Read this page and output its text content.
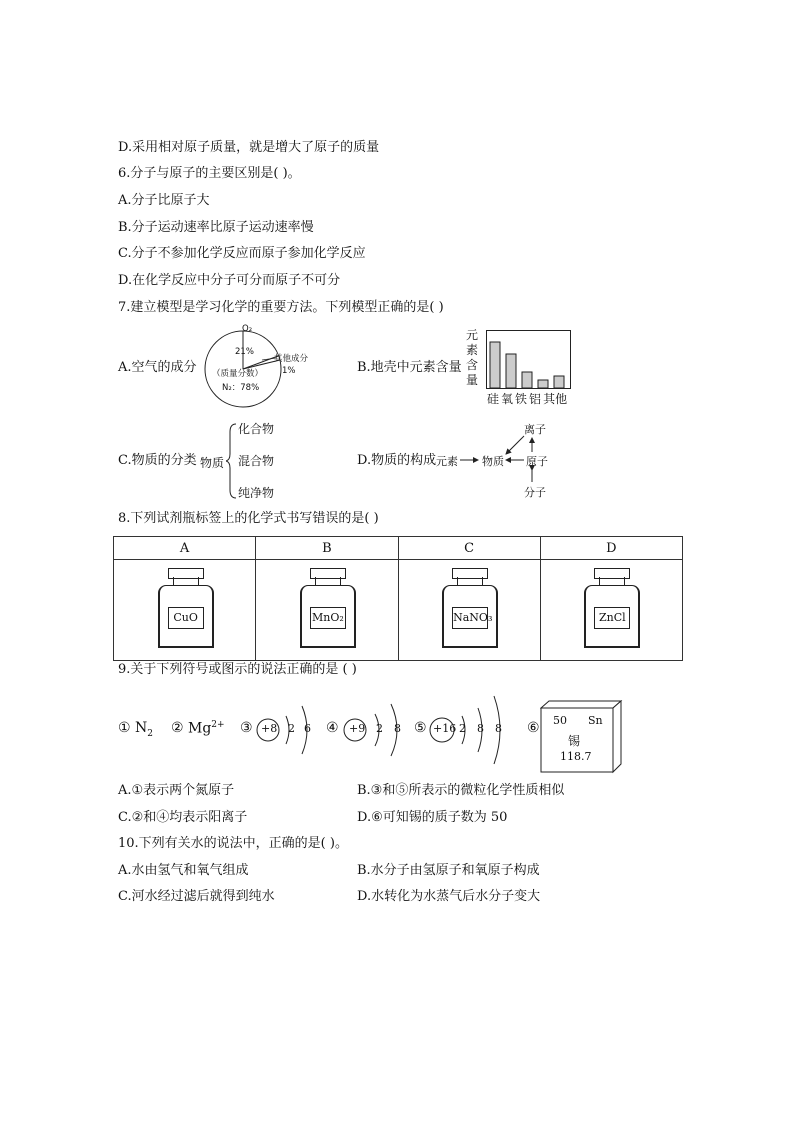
D.采用相对原子质量，就是增大了原子的质量
6.分子与原子的主要区别是( )。
A.分子比原子大
B.分子运动速率比原子运动速率慢
C.分子不参加化学反应而原子参加化学反应
D.在化学反应中分子可分而原子不可分
7.建立模型是学习化学的重要方法。下列模型正确的是( )
A.空气的成分
O₂
21%
其他成分
1%
（质量分数）
N₂：78%
B.地壳中元素含量
元
素
含
量
硅 氧 铁 铝 其他
C.物质的分类 物质
化合物
混合物
纯净物
D.物质的构成 元素 物质
离子
原子
分子
8.下列试剂瓶标签上的化学式书写错误的是( )
A	B	C	D

CuO	MnO₂	NaNO₃	ZnCl
9.关于下列符号或图示的说法正确的是 ( )
① $N_2$ ② $Mg^{2+}$ ③ +8 2 6 ④ +9 2 8 ⑤ +16 2 8 8 ⑥ 50 Sn
锡
118.7
A.①表示两个氮原子	B.③和⑤所表示的微粒化学性质相似
C.②和④均表示阳离子	D.⑥可知锡的质子数为 50
10.下列有关水的说法中，正确的是( )。
A.水由氢气和氧气组成	B.水分子由氢原子和氧原子构成
C.河水经过滤后就得到纯水	D.水转化为水蒸气后水分子变大
